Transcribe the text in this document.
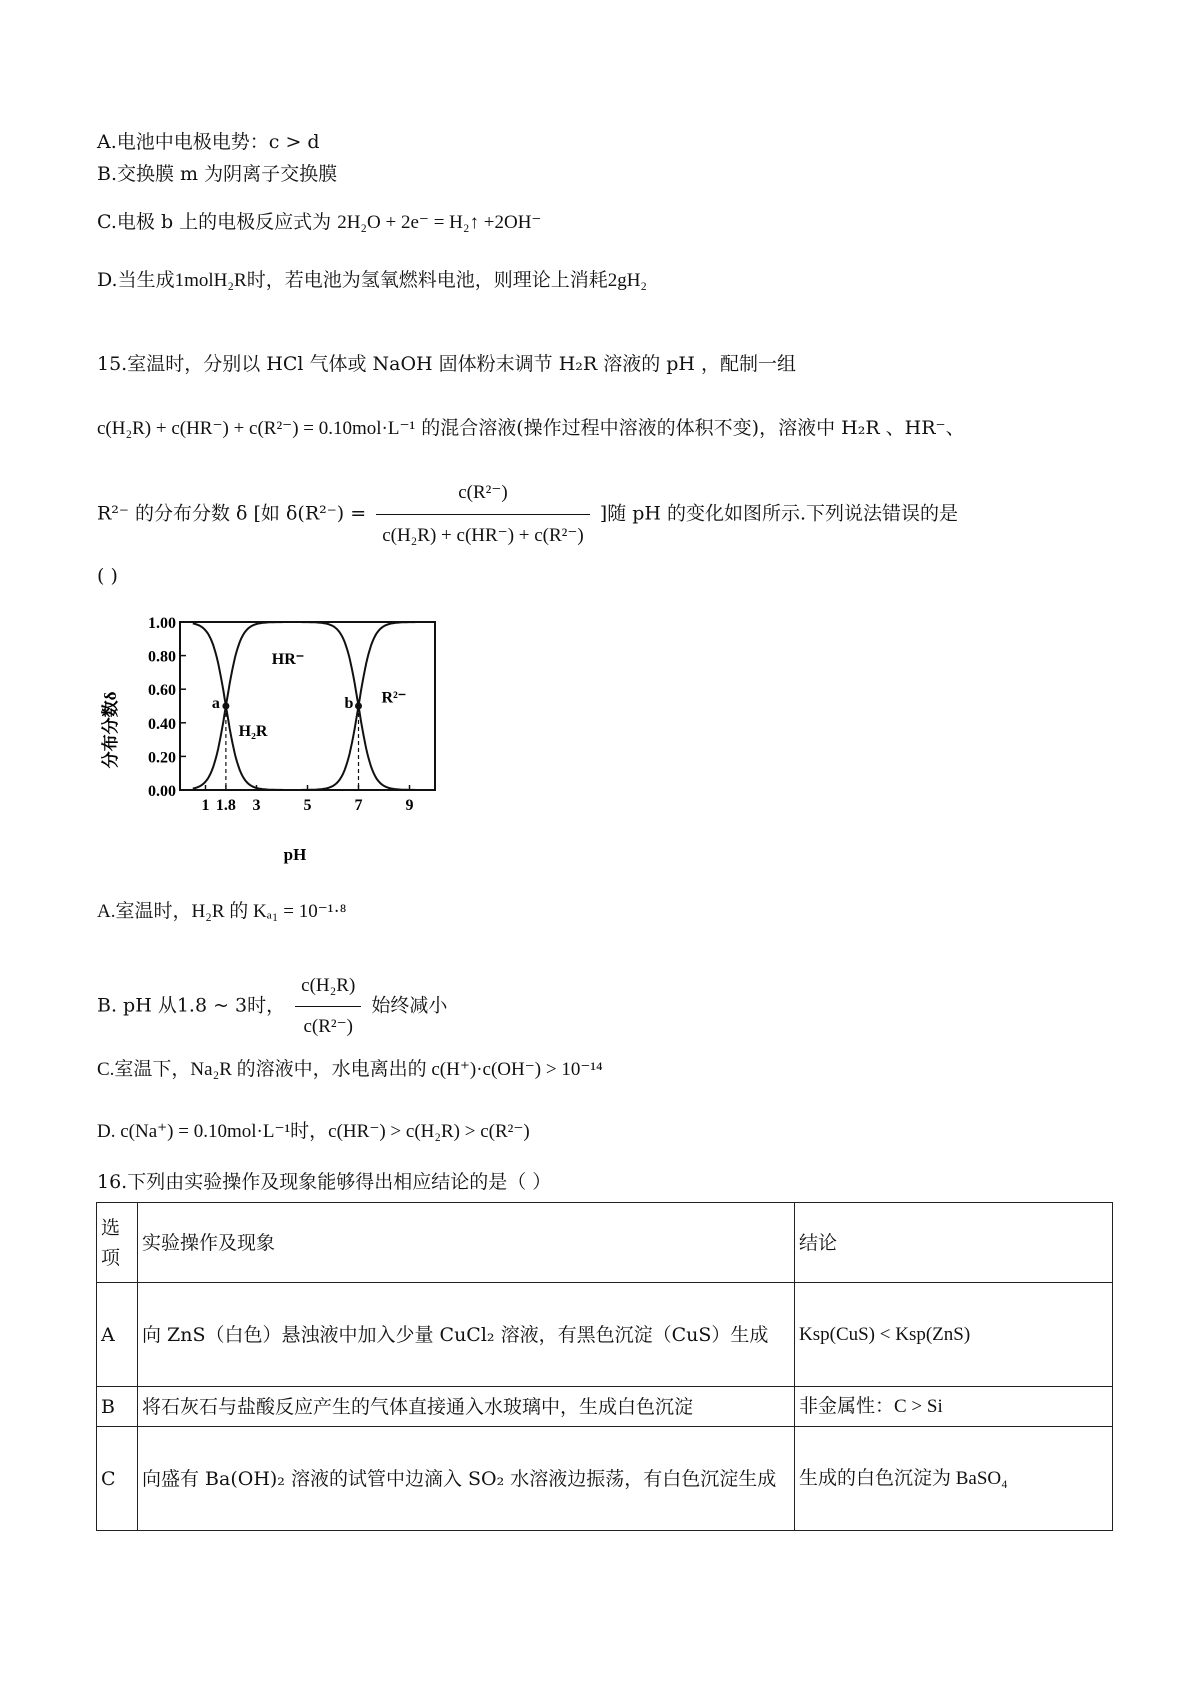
A.电池中电极电势：c > d
B.交换膜 m 为阴离子交换膜
C.电极 b 上的电极反应式为 2H₂O + 2e⁻ = H₂↑ +2OH⁻
D.当生成1molH₂R时，若电池为氢氧燃料电池，则理论上消耗2gH₂
15.室温时，分别以 HCl 气体或 NaOH 固体粉末调节 H₂R 溶液的 pH ，配制一组
c(H₂R) + c(HR⁻) + c(R²⁻) = 0.10mol·L⁻¹ 的混合溶液(操作过程中溶液的体积不变)，溶液中 H₂R 、HR⁻、
R²⁻ 的分布分数 δ [如 $\delta(R^{2-}) = \frac{\text{c(R²⁻)}}{\text{c(H₂R) + c(HR⁻) + c(R²⁻)}}$ ]随 pH 的变化如图所示.下列说法错误的是
( )
分布分数δ
pH
0.00
0.20
0.40
0.60
0.80
1.00
1 1.8 3	5	7	9
a	b
H₂R
HR⁻
R²⁻
A.室温时，H₂R 的 Kₐ₁ = 10⁻¹·⁸
B. pH 从1.8 ~ 3时， $\frac{\text{c(H₂R)}}{\text{c(R²⁻)}}$ 始终减小
C.室温下，Na₂R 的溶液中，水电离出的 c(H⁺)·c(OH⁻) > 10⁻¹⁴
D. c(Na⁺) = 0.10mol·L⁻¹时，c(HR⁻) > c(H₂R) > c(R²⁻)
16.下列由实验操作及现象能够得出相应结论的是（ ）
选项	实验操作及现象	结论
A	向 ZnS（白色）悬浊液中加入少量 CuCl₂ 溶液，有黑色沉淀（CuS）生成	Ksp(CuS) < Ksp(ZnS)
B	将石灰石与盐酸反应产生的气体直接通入水玻璃中，生成白色沉淀	非金属性：C > Si
C	向盛有 Ba(OH)₂ 溶液的试管中边滴入 SO₂ 水溶液边振荡，有白色沉淀生成	生成的白色沉淀为 BaSO₄
